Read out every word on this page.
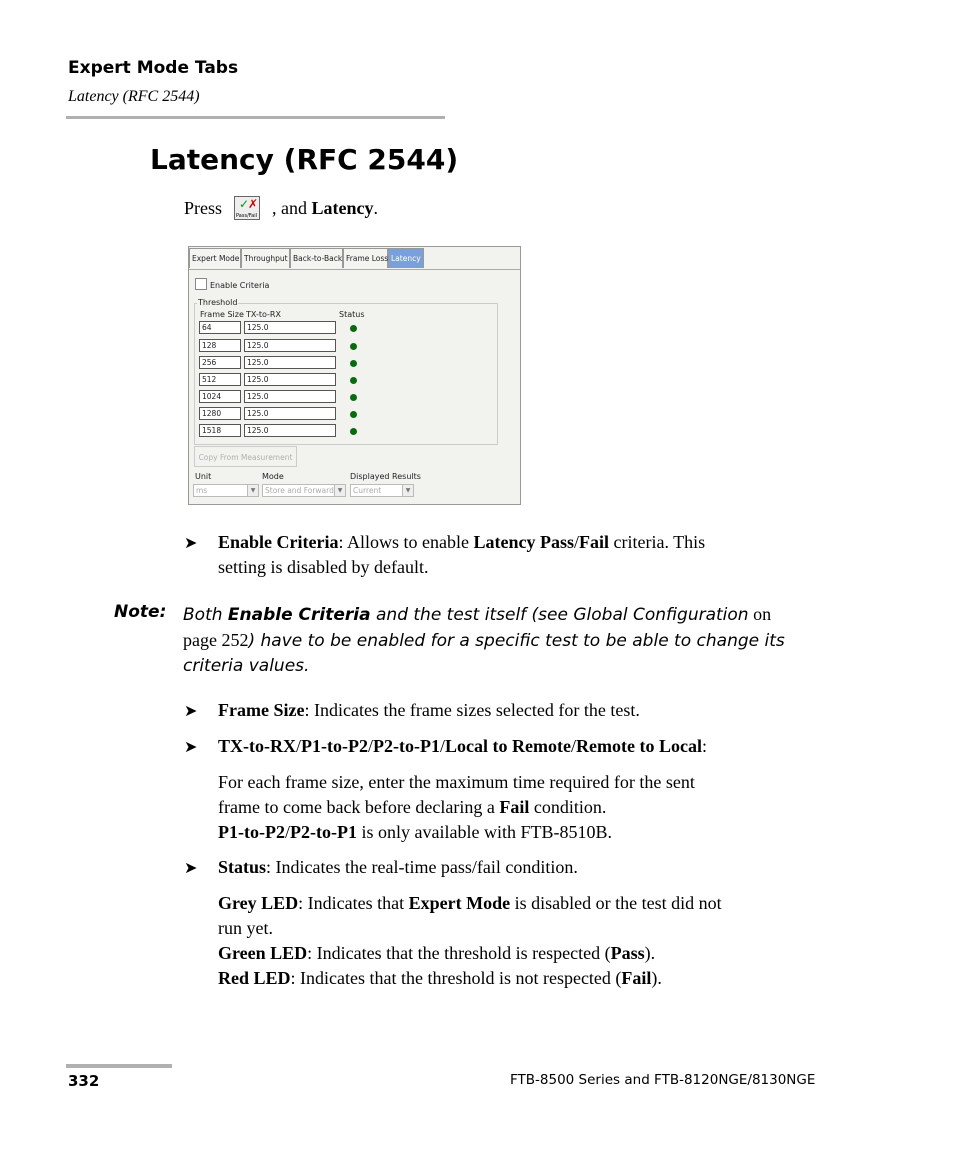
Expert Mode Tabs
Latency (RFC 2544)
Latency (RFC 2544)
Press ✓
✗
Pass/Fail , and Latency.
Expert Mode Throughput Back-to-Back Frame Loss Latency
Enable Criteria
Threshold
Frame Size TX-to-RX	Status
64	125.0
128	125.0
256	125.0
512	125.0
1024	125.0
1280	125.0
1518	125.0
Copy From Measurement
Unit	Mode	Displayed Results
ms	▼	Store and Forward ▼	Current	▼
➤ Enable Criteria: Allows to enable Latency Pass/Fail criteria. This
setting is disabled by default.
Note: Both Enable Criteria and the test itself (see Global Configuration on
page 252) have to be enabled for a specific test to be able to change its
criteria values.
➤ Frame Size: Indicates the frame sizes selected for the test.
➤ TX-to-RX/P1-to-P2/P2-to-P1/Local to Remote/Remote to Local:
For each frame size, enter the maximum time required for the sent
frame to come back before declaring a Fail condition.
P1-to-P2/P2-to-P1 is only available with FTB-8510B.
➤ Status: Indicates the real-time pass/fail condition.
Grey LED: Indicates that Expert Mode is disabled or the test did not
run yet.
Green LED: Indicates that the threshold is respected (Pass).
Red LED: Indicates that the threshold is not respected (Fail).
332	FTB-8500 Series and FTB-8120NGE/8130NGE
